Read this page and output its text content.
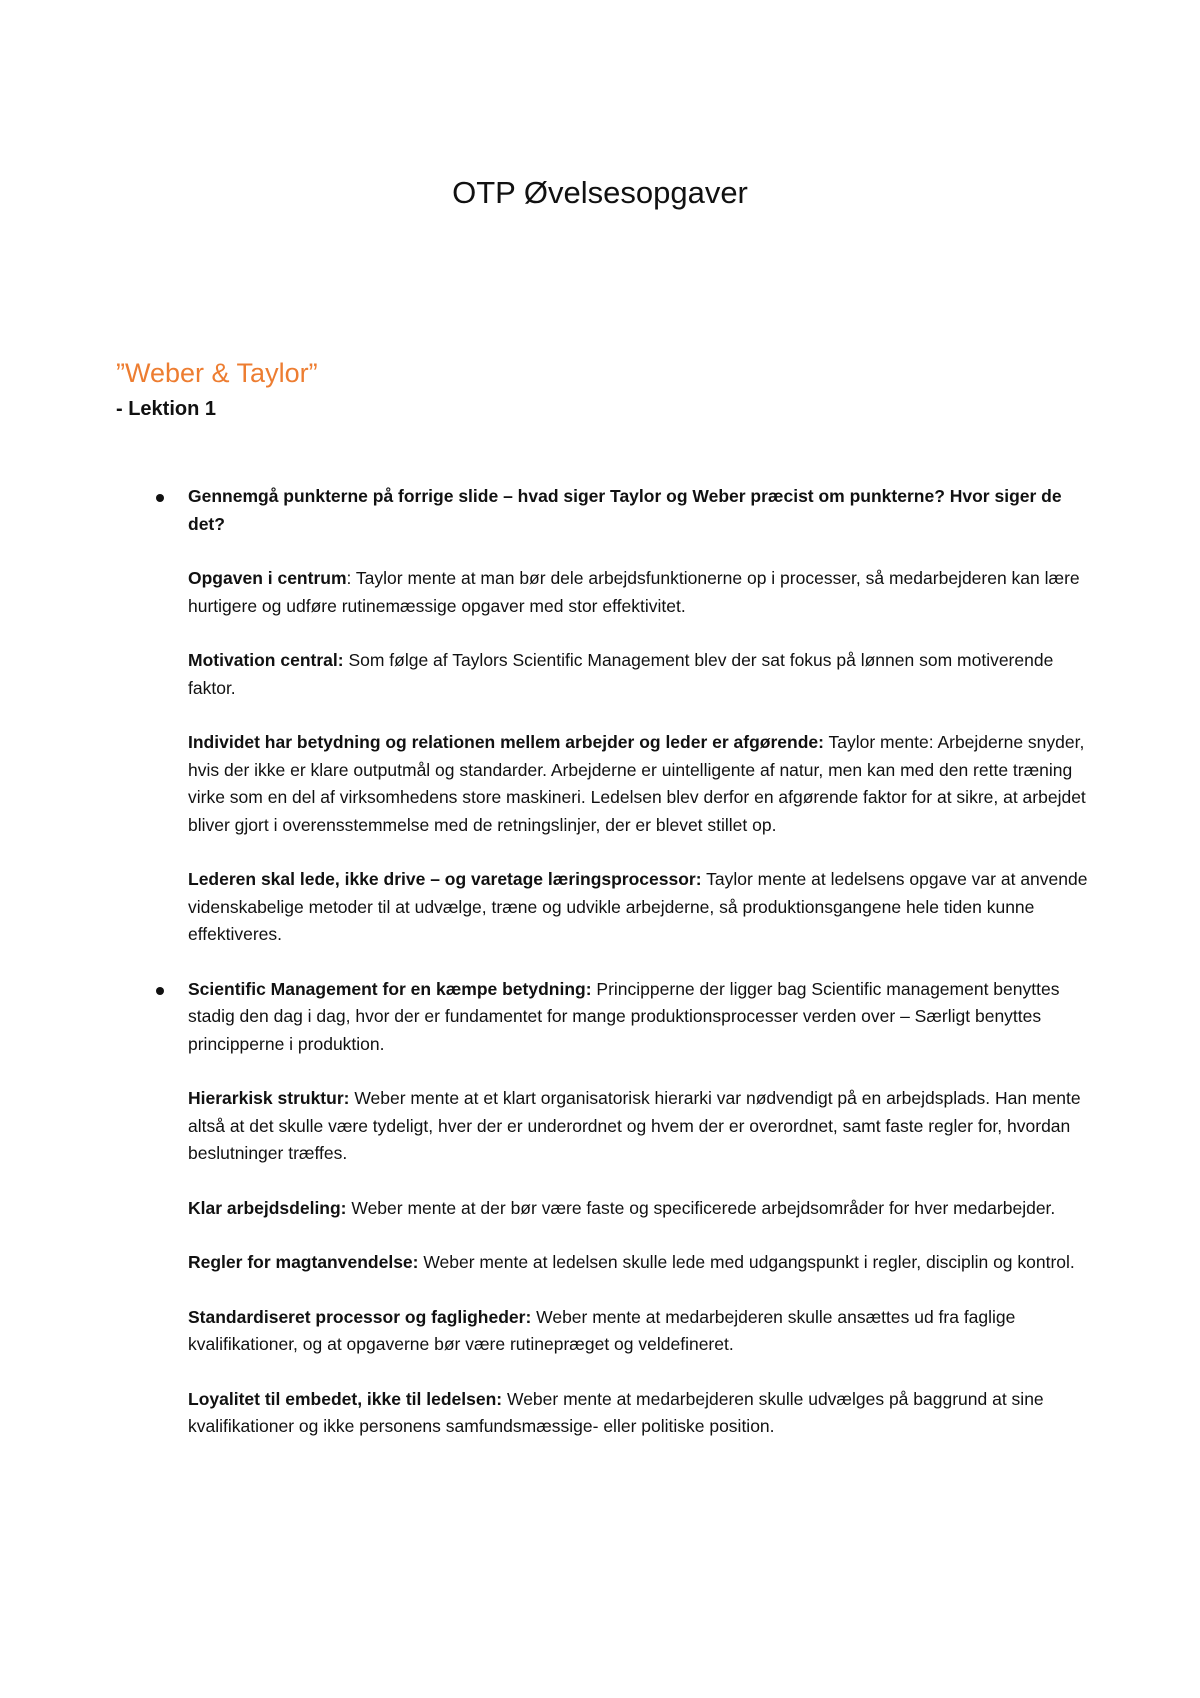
OTP Øvelsesopgaver
”Weber & Taylor”
- Lektion 1
Gennemgå punkterne på forrige slide – hvad siger Taylor og Weber præcist om punkterne? Hvor siger de det?
Opgaven i centrum: Taylor mente at man bør dele arbejdsfunktionerne op i processer, så medarbejderen kan lære hurtigere og udføre rutinemæssige opgaver med stor effektivitet.
Motivation central: Som følge af Taylors Scientific Management blev der sat fokus på lønnen som motiverende faktor.
Individet har betydning og relationen mellem arbejder og leder er afgørende: Taylor mente: Arbejderne snyder, hvis der ikke er klare outputmål og standarder. Arbejderne er uintelligente af natur, men kan med den rette træning virke som en del af virksomhedens store maskineri. Ledelsen blev derfor en afgørende faktor for at sikre, at arbejdet bliver gjort i overensstemmelse med de retningslinjer, der er blevet stillet op.
Lederen skal lede, ikke drive – og varetage læringsprocessor: Taylor mente at ledelsens opgave var at anvende videnskabelige metoder til at udvælge, træne og udvikle arbejderne, så produktionsgangene hele tiden kunne effektiveres.
Scientific Management for en kæmpe betydning: Principperne der ligger bag Scientific management benyttes stadig den dag i dag, hvor der er fundamentet for mange produktionsprocesser verden over – Særligt benyttes principperne i produktion.
Hierarkisk struktur: Weber mente at et klart organisatorisk hierarki var nødvendigt på en arbejdsplads. Han mente altså at det skulle være tydeligt, hver der er underordnet og hvem der er overordnet, samt faste regler for, hvordan beslutninger træffes.
Klar arbejdsdeling: Weber mente at der bør være faste og specificerede arbejdsområder for hver medarbejder.
Regler for magtanvendelse: Weber mente at ledelsen skulle lede med udgangspunkt i regler, disciplin og kontrol.
Standardiseret processor og fagligheder: Weber mente at medarbejderen skulle ansættes ud fra faglige kvalifikationer, og at opgaverne bør være rutinepræget og veldefineret.
Loyalitet til embedet, ikke til ledelsen: Weber mente at medarbejderen skulle udvælges på baggrund at sine kvalifikationer og ikke personens samfundsmæssige- eller politiske position.
